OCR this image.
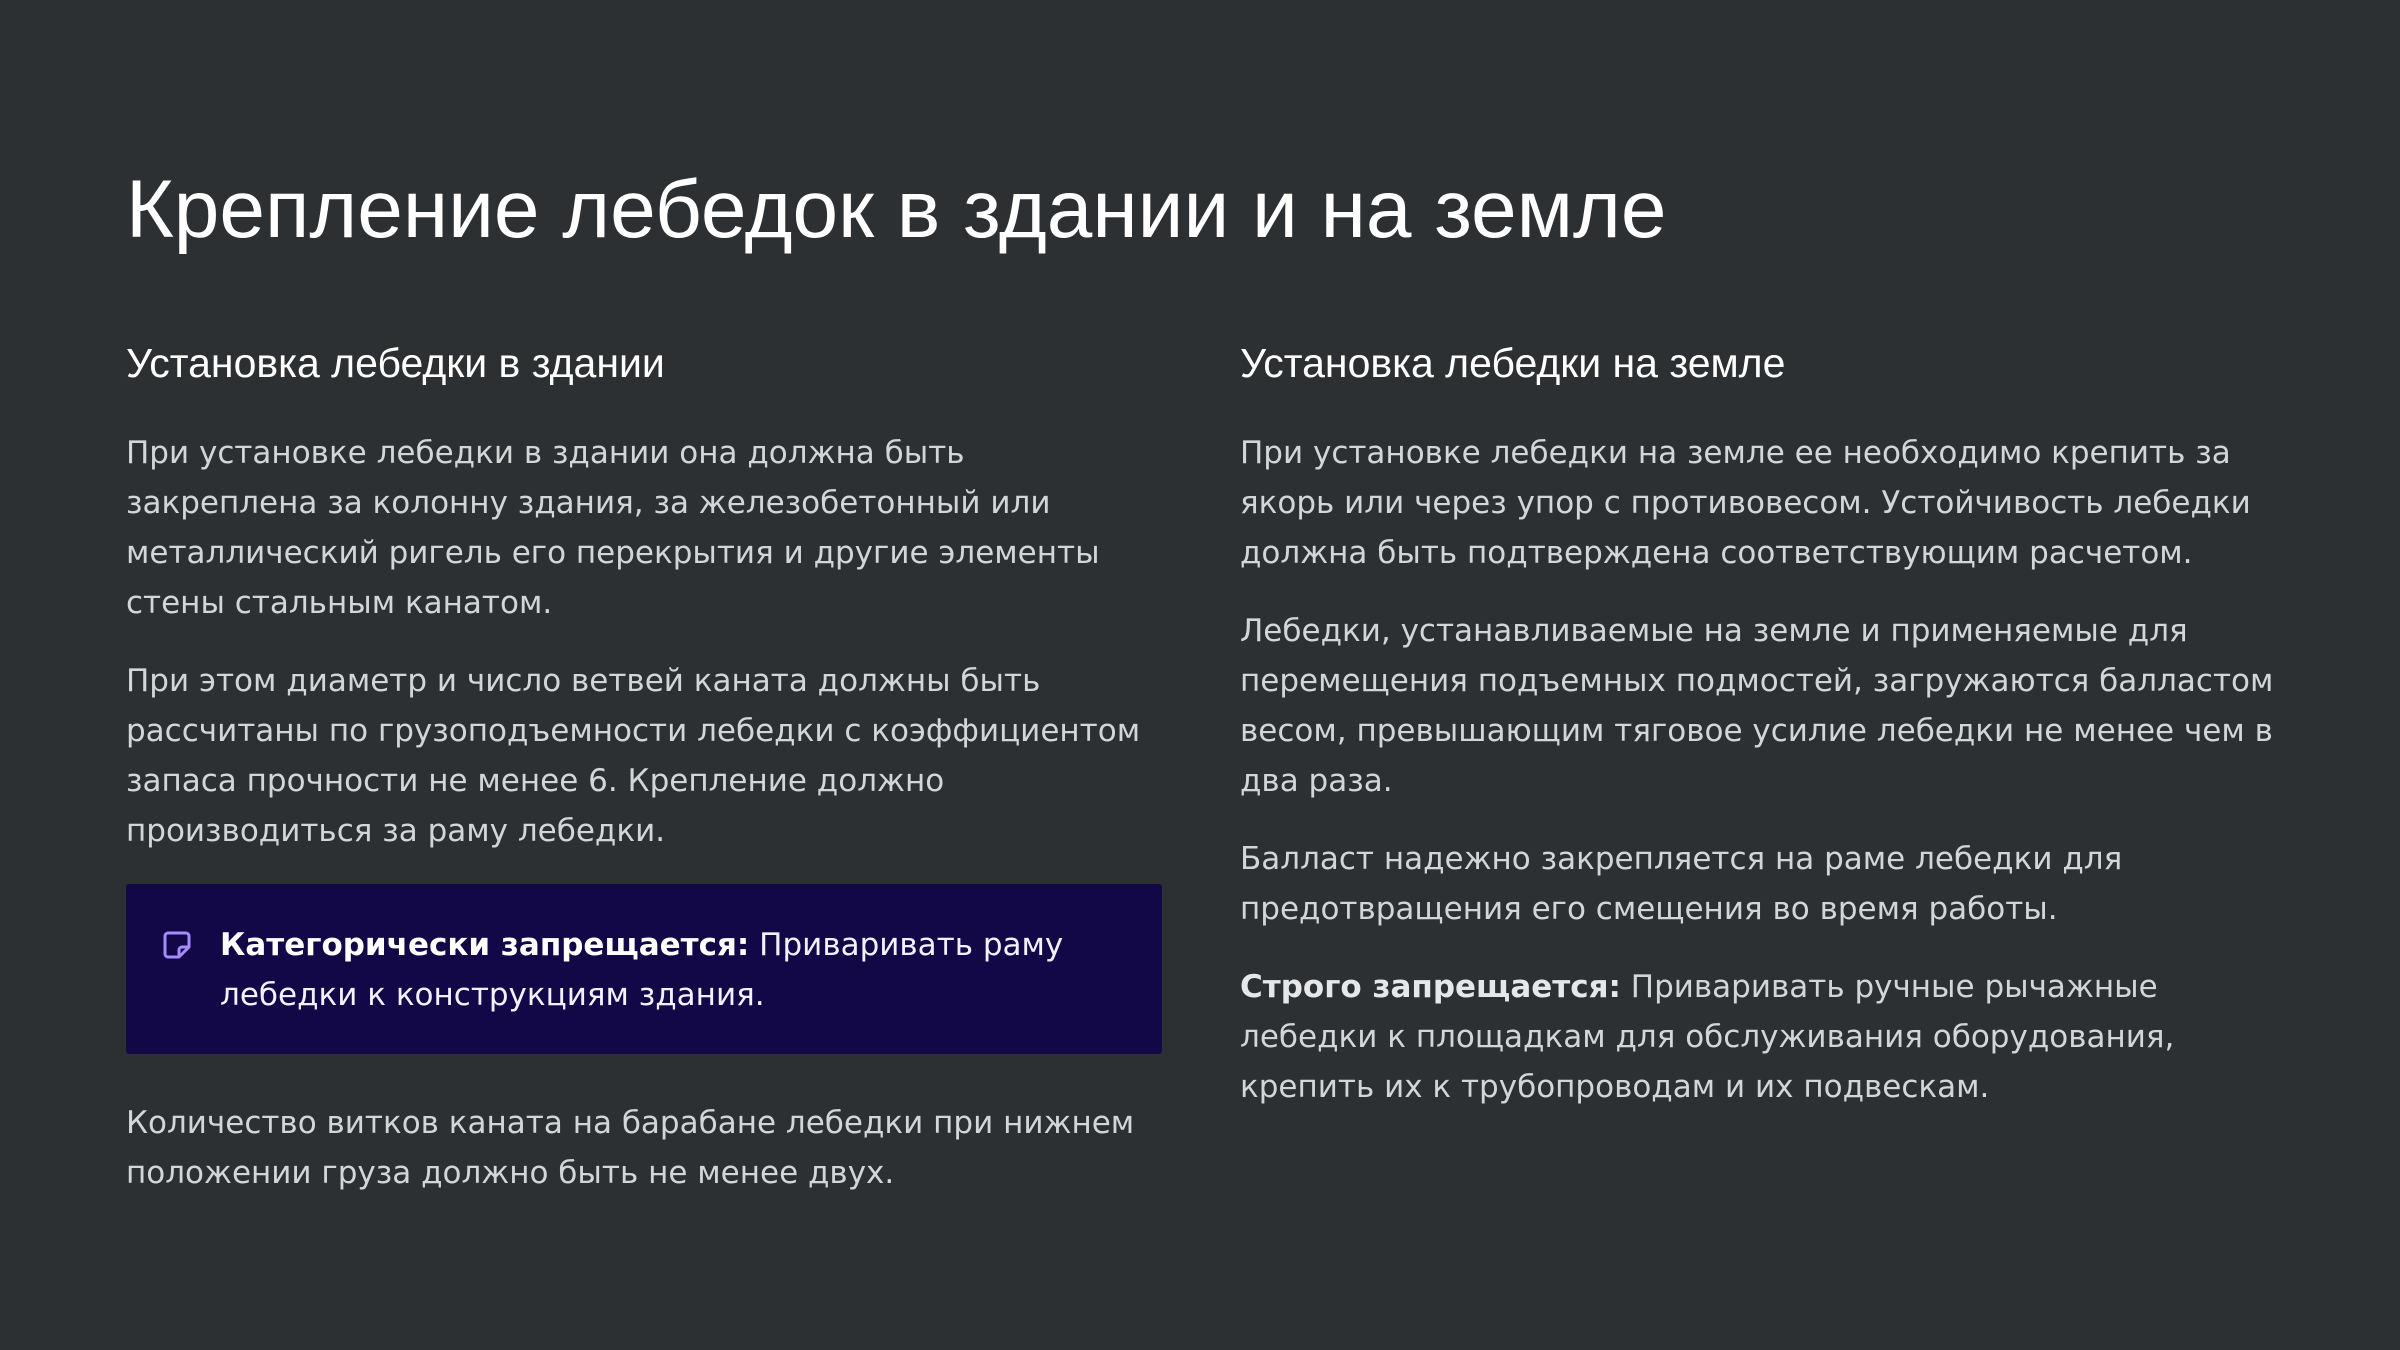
Крепление лебедок в здании и на земле
Установка лебедки в здании

При установке лебедки в здании она должна быть закреплена за колонну здания, за железобетонный или металлический ригель его перекрытия и другие элементы стены стальным канатом.

При этом диаметр и число ветвей каната должны быть рассчитаны по грузоподъемности лебедки с коэффициентом запаса прочности не менее 6. Крепление должно производиться за раму лебедки.

Категорически запрещается: Приваривать раму лебедки к конструкциям здания.

Количество витков каната на барабане лебедки при нижнем положении груза должно быть не менее двух.

Установка лебедки на земле

При установке лебедки на земле ее необходимо крепить за якорь или через упор с противовесом. Устойчивость лебедки должна быть подтверждена соответствующим расчетом.

Лебедки, устанавливаемые на земле и применяемые для перемещения подъемных подмостей, загружаются балластом весом, превышающим тяговое усилие лебедки не менее чем в два раза.

Балласт надежно закрепляется на раме лебедки для предотвращения его смещения во время работы.

Строго запрещается: Приваривать ручные рычажные лебедки к площадкам для обслуживания оборудования, крепить их к трубопроводам и их подвескам.
